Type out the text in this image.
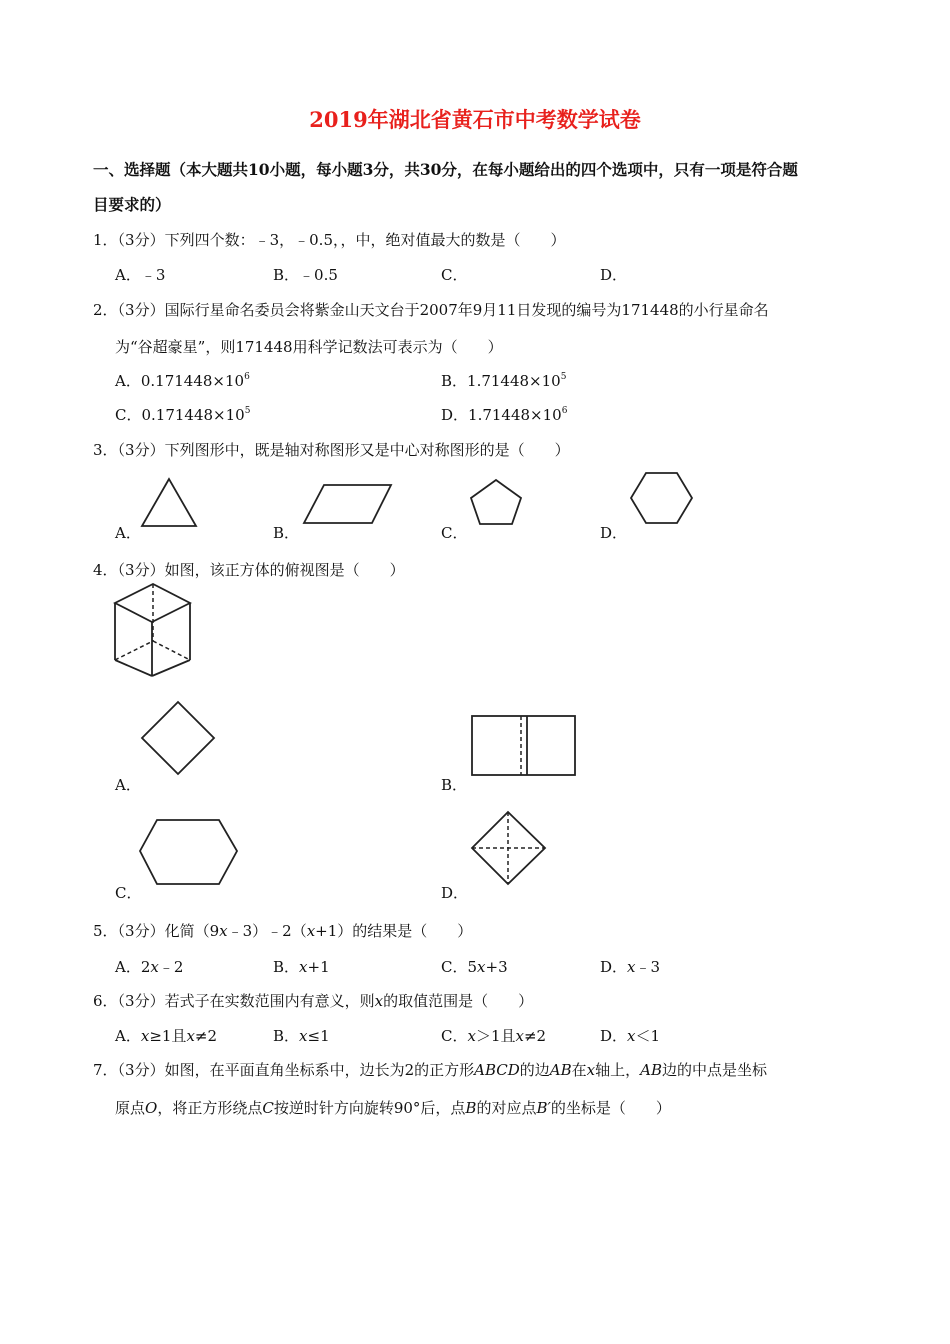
2019年湖北省黄石市中考数学试卷
一、选择题（本大题共10小题，每小题3分，共30分，在每小题给出的四个选项中，只有一项是符合题
目要求的）
1．（3分）下列四个数：﹣3，﹣0.5，，中，绝对值最大的数是（　　）
A．﹣3	B．﹣0.5	C．	D．
2．（3分）国际行星命名委员会将紫金山天文台于2007年9月11日发现的编号为171448的小行星命名
为“谷超豪星”，则171448用科学记数法可表示为（　　）
A．$0.171448\times 10^6$	B．$1.71448\times 10^5$
C．$0.171448\times 10^5$	D．$1.71448\times 10^6$
3．（3分）下列图形中，既是轴对称图形又是中心对称图形的是（　　）
A．	B．	C．	D．
4．（3分）如图，该正方体的俯视图是（　　）
A．	B．
C．	D．
5．（3分）化简（9x﹣3）﹣2（x+1）的结果是（　　）
A．2x﹣2	B．x+1	C．5x+3	D．x﹣3
6．（3分）若式子在实数范围内有意义，则x的取值范围是（　　）
A．x≥1且x≠2	B．x≤1	C．x＞1且x≠2	D．x＜1
7．（3分）如图，在平面直角坐标系中，边长为2的正方形ABCD的边AB在x轴上，AB边的中点是坐标
原点O，将正方形绕点C按逆时针方向旋转90°后，点B的对应点B′的坐标是（　　）
